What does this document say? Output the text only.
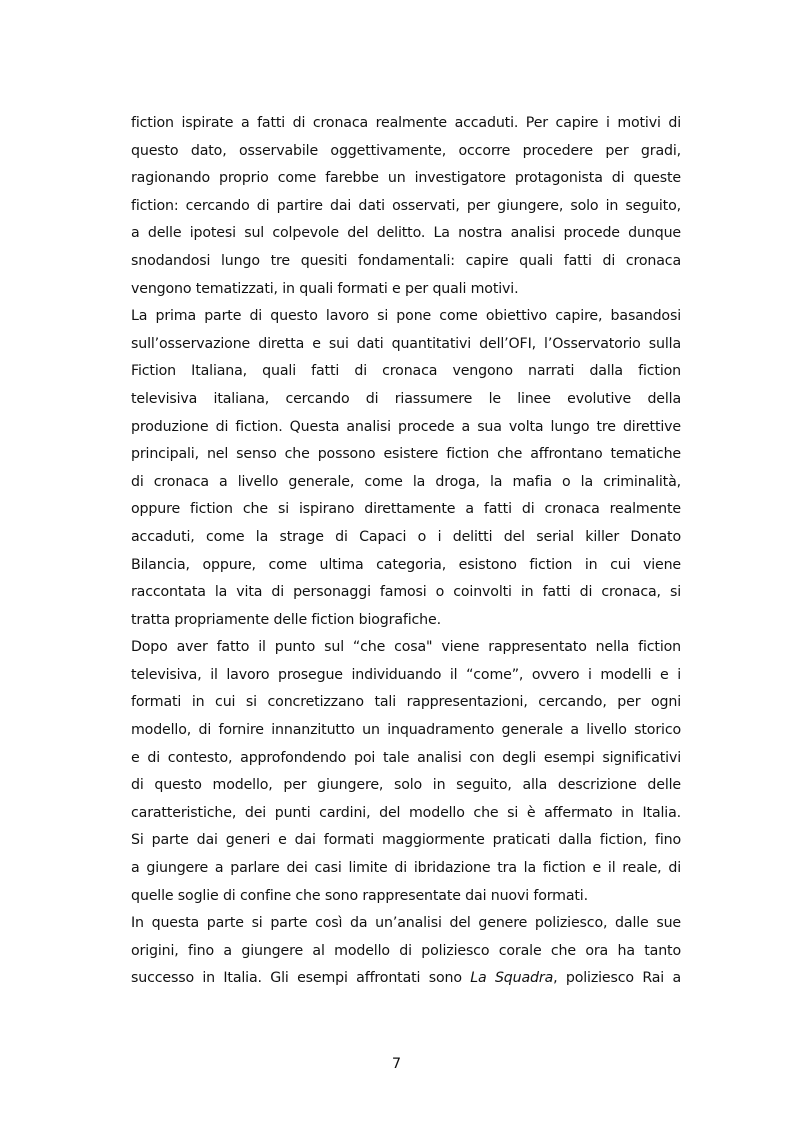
fiction ispirate a fatti di cronaca realmente accaduti. Per capire i motivi di
questo dato, osservabile oggettivamente, occorre procedere per gradi,
ragionando proprio come farebbe un investigatore protagonista di queste
fiction: cercando di partire dai dati osservati, per giungere, solo in seguito,
a delle ipotesi sul colpevole del delitto. La nostra analisi procede dunque
snodandosi lungo tre quesiti fondamentali: capire quali fatti di cronaca
vengono tematizzati, in quali formati e per quali motivi.
La prima parte di questo lavoro si pone come obiettivo capire, basandosi
sull’osservazione diretta e sui dati quantitativi dell’OFI, l’Osservatorio sulla
Fiction Italiana, quali fatti di cronaca vengono narrati dalla fiction
televisiva italiana, cercando di riassumere le linee evolutive della
produzione di fiction. Questa analisi procede a sua volta lungo tre direttive
principali, nel senso che possono esistere fiction che affrontano tematiche
di cronaca a livello generale, come la droga, la mafia o la criminalità,
oppure fiction che si ispirano direttamente a fatti di cronaca realmente
accaduti, come la strage di Capaci o i delitti del serial killer Donato
Bilancia, oppure, come ultima categoria, esistono fiction in cui viene
raccontata la vita di personaggi famosi o coinvolti in fatti di cronaca, si
tratta propriamente delle fiction biografiche.
Dopo aver fatto il punto sul “che cosa" viene rappresentato nella fiction
televisiva, il lavoro prosegue individuando il “come”, ovvero i modelli e i
formati in cui si concretizzano tali rappresentazioni, cercando, per ogni
modello, di fornire innanzitutto un inquadramento generale a livello storico
e di contesto, approfondendo poi tale analisi con degli esempi significativi
di questo modello, per giungere, solo in seguito, alla descrizione delle
caratteristiche, dei punti cardini, del modello che si è affermato in Italia.
Si parte dai generi e dai formati maggiormente praticati dalla fiction, fino
a giungere a parlare dei casi limite di ibridazione tra la fiction e il reale, di
quelle soglie di confine che sono rappresentate dai nuovi formati.
In questa parte si parte così da un’analisi del genere poliziesco, dalle sue
origini, fino a giungere al modello di poliziesco corale che ora ha tanto
successo in Italia. Gli esempi affrontati sono La Squadra, poliziesco Rai a
7
